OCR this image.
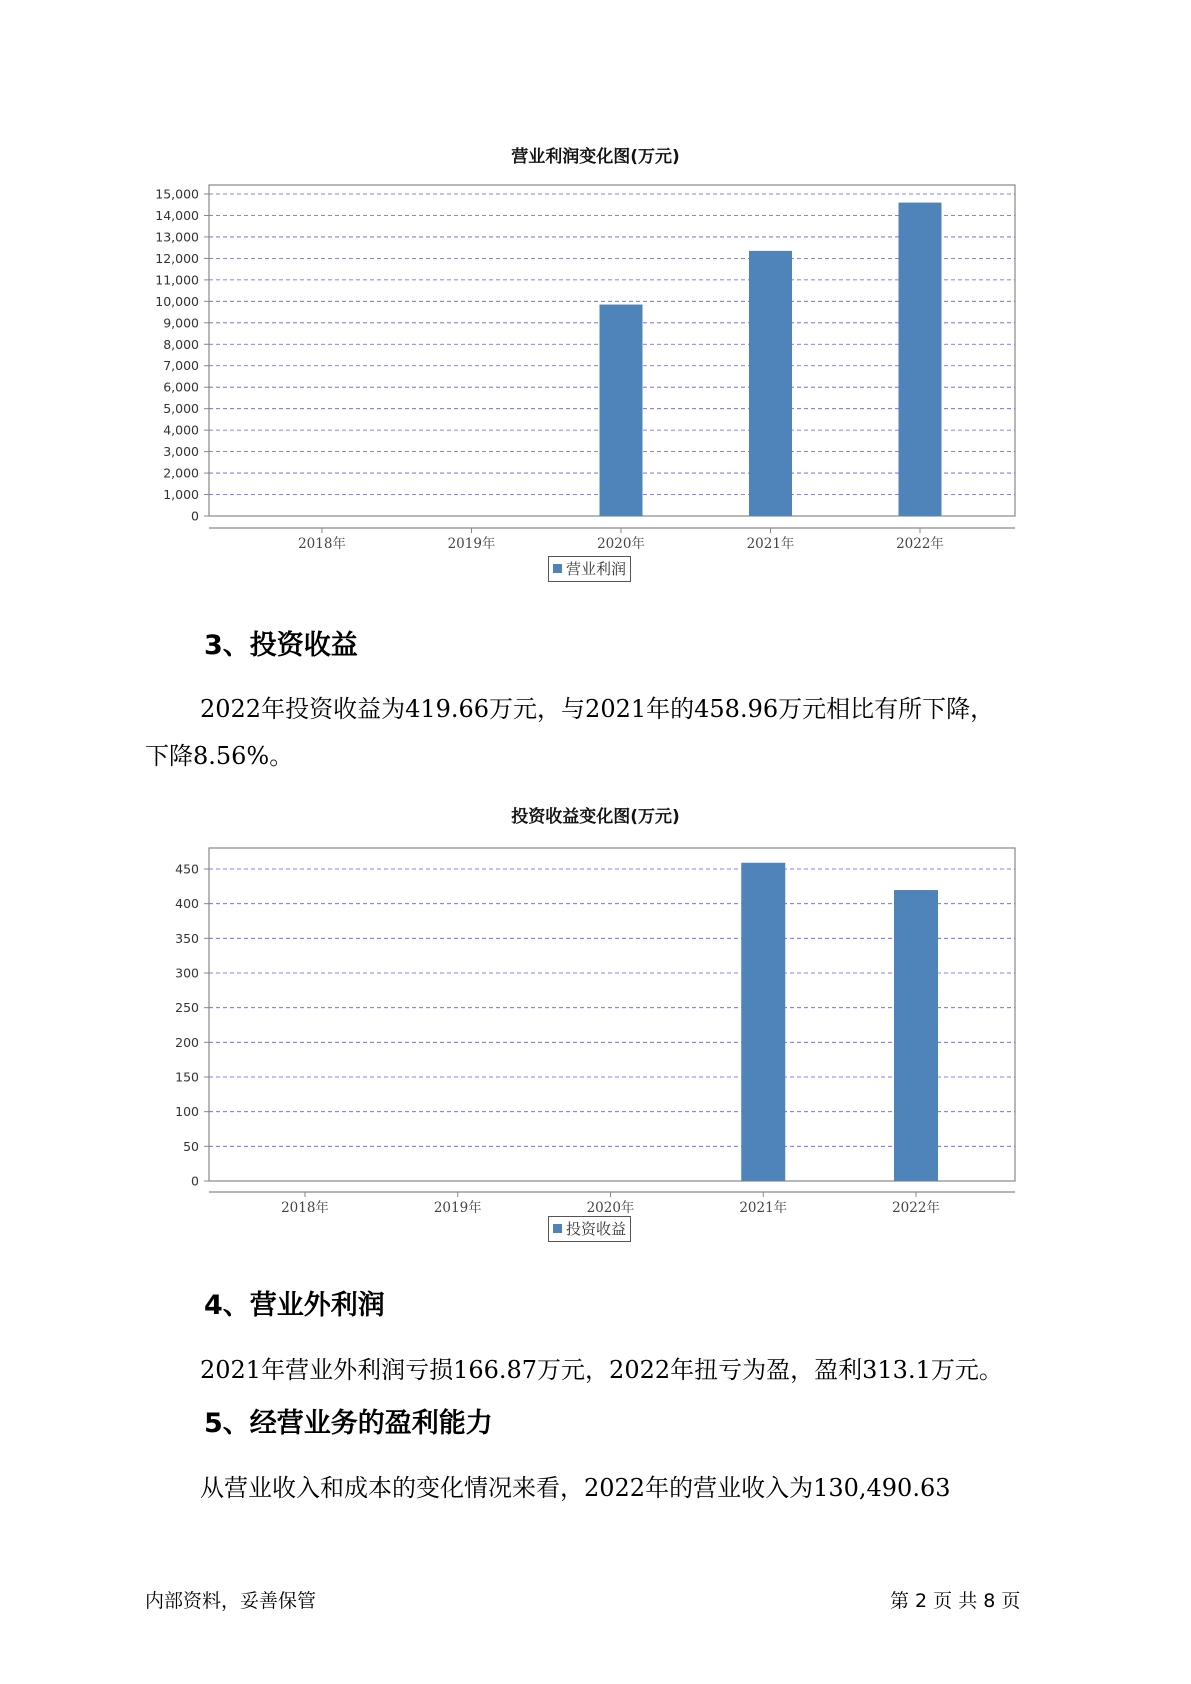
营业利润变化图(万元)
0
1,000
2,000
3,000
4,000
5,000
6,000
7,000
8,000
9,000
10,000
11,000
12,000
13,000
14,000
15,000
2018年	2019年	2020年	2021年	2022年
营业利润
3、投资收益
2022年投资收益为419.66万元，与2021年的458.96万元相比有所下降，
下降8.56%。
投资收益变化图(万元)
0
50
100
150
200
250
300
350
400
450
2018年	2019年	2020年	2021年	2022年
投资收益
4、营业外利润
2021年营业外利润亏损166.87万元，2022年扭亏为盈，盈利313.1万元。
5、经营业务的盈利能力
从营业收入和成本的变化情况来看，2022年的营业收入为130,490.63
内部资料，妥善保管	第 2 页 共 8 页
